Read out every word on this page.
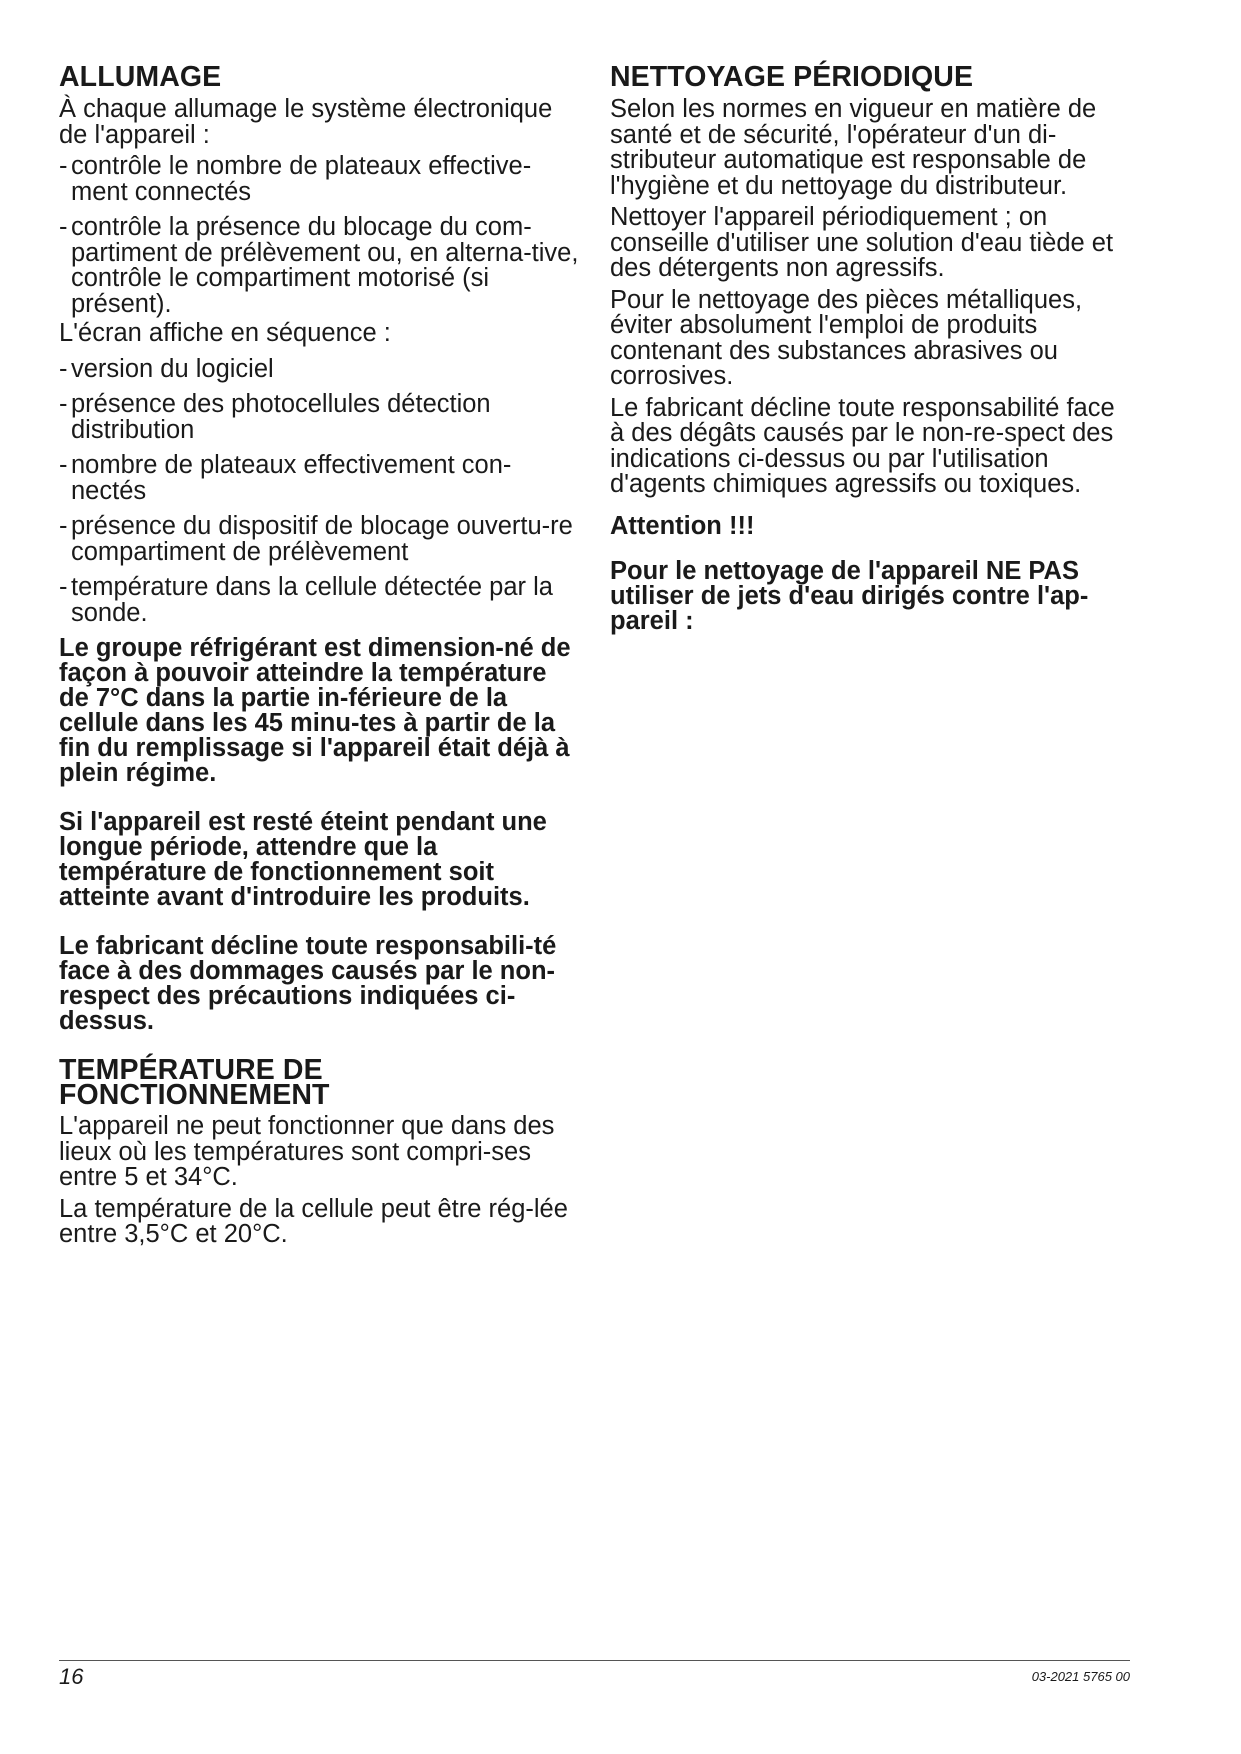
ALLUMAGE

À chaque allumage le système électronique de l'appareil :

- contrôle le nombre de plateaux effective-ment connectés
- contrôle la présence du blocage du com-partiment de prélèvement ou, en alterna-tive, contrôle le compartiment motorisé (si présent).

L'écran affiche en séquence :

- version du logiciel
- présence des photocellules détection distribution
- nombre de plateaux effectivement con-nectés
- présence du dispositif de blocage ouvertu-re compartiment de prélèvement
- température dans la cellule détectée par la sonde.

Le groupe réfrigérant est dimension-né de façon à pouvoir atteindre la température de 7°C dans la partie in-férieure de la cellule dans les 45 minu-tes à partir de la fin du remplissage si l'appareil était déjà à plein régime.

Si l'appareil est resté éteint pendant une longue période, attendre que la température de fonctionnement soit atteinte avant d'introduire les produits.

Le fabricant décline toute responsabili-té face à des dommages causés par le non-respect des précautions indiquées ci-dessus.

TEMPÉRATURE DE
FONCTIONNEMENT

L'appareil ne peut fonctionner que dans des lieux où les températures sont compri-ses entre 5 et 34°C.

La température de la cellule peut être rég-lée entre 3,5°C et 20°C.

NETTOYAGE PÉRIODIQUE

Selon les normes en vigueur en matière de santé et de sécurité, l'opérateur d'un di-stributeur automatique est responsable de l'hygiène et du nettoyage du distributeur.

Nettoyer l'appareil périodiquement ; on conseille d'utiliser une solution d'eau tiède et des détergents non agressifs.

Pour le nettoyage des pièces métalliques, éviter absolument l'emploi de produits contenant des substances abrasives ou corrosives.

Le fabricant décline toute responsabilité face à des dégâts causés par le non-re-spect des indications ci-dessus ou par l'utilisation d'agents chimiques agressifs ou toxiques.

Attention !!!

Pour le nettoyage de l'appareil NE PAS utiliser de jets d'eau dirigés contre l'ap-pareil :

16	03-2021 5765 00
